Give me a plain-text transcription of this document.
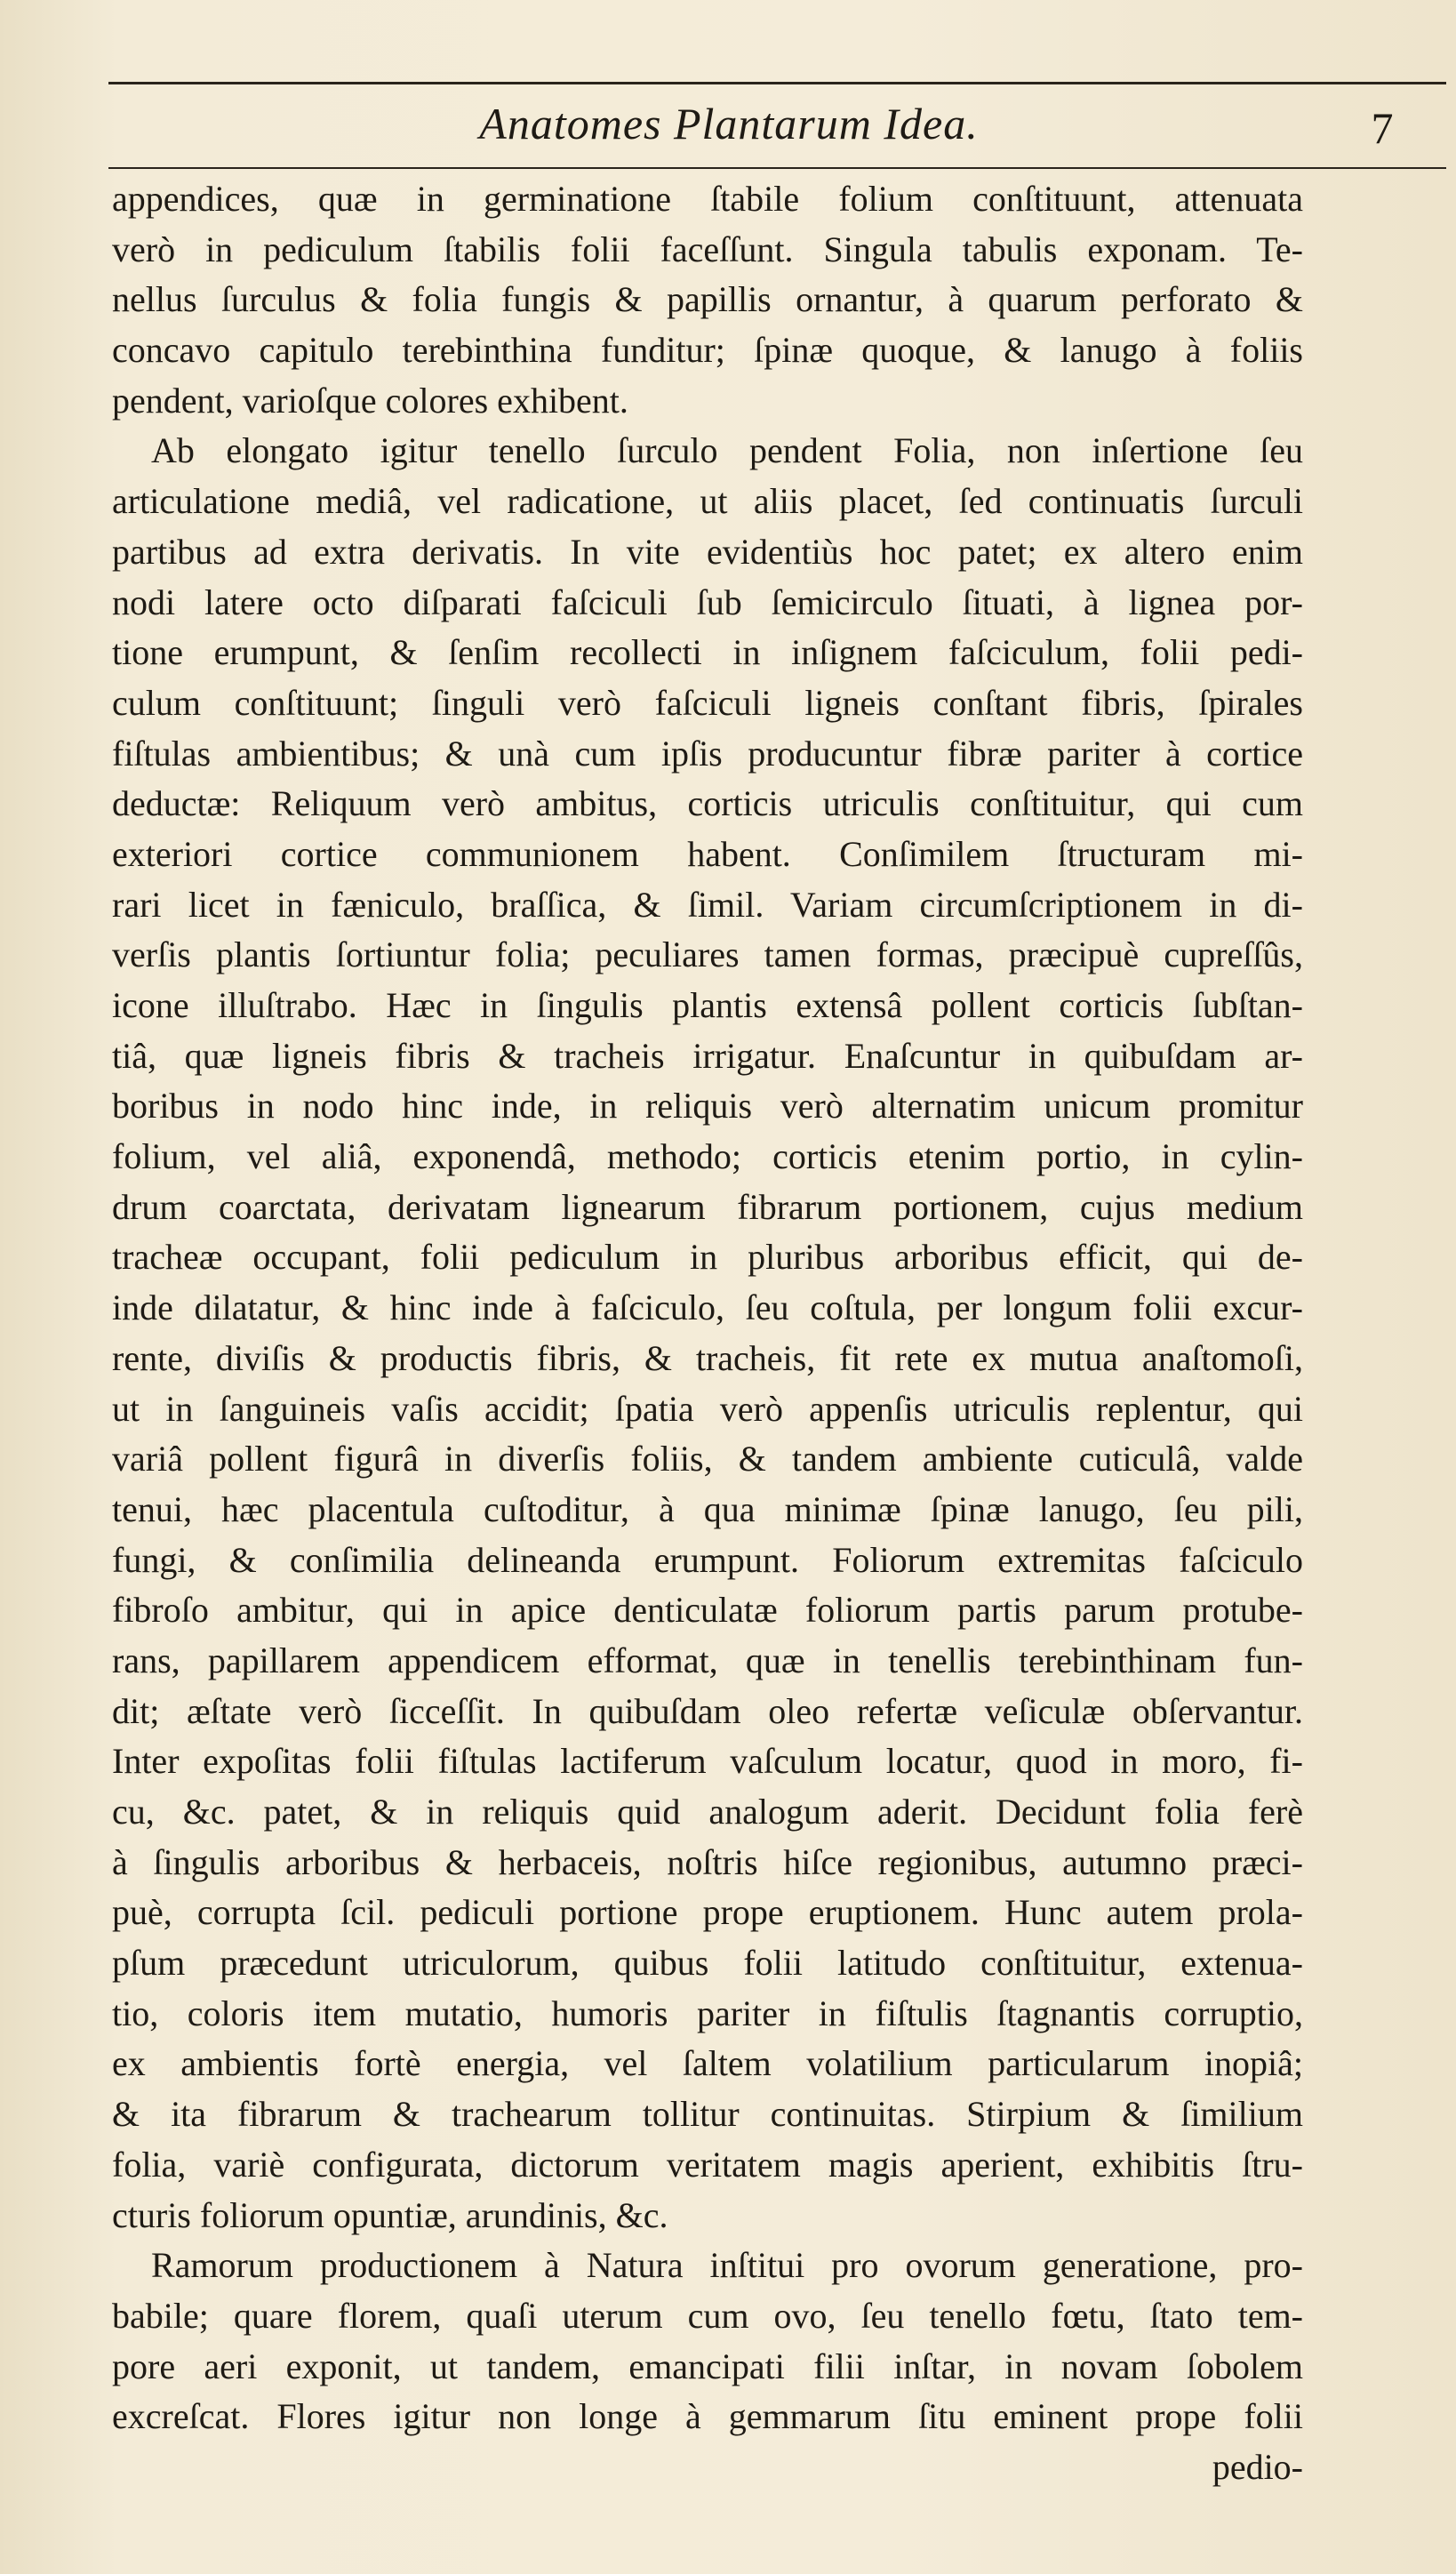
Anatomes Plantarum Idea.	7
appendices, quæ in germinatione ſtabile folium conſtituunt, attenuata
verò in pediculum ſtabilis folii faceſſunt. Singula tabulis exponam. Te-
nellus ſurculus & folia fungis & papillis ornantur, à quarum perforato &
concavo capitulo terebinthina funditur; ſpinæ quoque, & lanugo à foliis
pendent, varioſque colores exhibent.
Ab elongato igitur tenello ſurculo pendent Folia, non inſertione ſeu
articulatione mediâ, vel radicatione, ut aliis placet, ſed continuatis ſurculi
partibus ad extra derivatis. In vite evidentiùs hoc patet; ex altero enim
nodi latere octo diſparati faſciculi ſub ſemicirculo ſituati, à lignea por-
tione erumpunt, & ſenſim recollecti in inſignem faſciculum, folii pedi-
culum conſtituunt; ſinguli verò faſciculi ligneis conſtant fibris, ſpirales
fiſtulas ambientibus; & unà cum ipſis producuntur fibræ pariter à cortice
deductæ: Reliquum verò ambitus, corticis utriculis conſtituitur, qui cum
exteriori cortice communionem habent. Conſimilem ſtructuram mi-
rari licet in fæniculo, braſſica, & ſimil. Variam circumſcriptionem in di-
verſis plantis ſortiuntur folia; peculiares tamen formas, præcipuè cupreſſûs,
icone illuſtrabo. Hæc in ſingulis plantis extensâ pollent corticis ſubſtan-
tiâ, quæ ligneis fibris & tracheis irrigatur. Enaſcuntur in quibuſdam ar-
boribus in nodo hinc inde, in reliquis verò alternatim unicum promitur
folium, vel aliâ, exponendâ, methodo; corticis etenim portio, in cylin-
drum coarctata, derivatam lignearum fibrarum portionem, cujus medium
tracheæ occupant, folii pediculum in pluribus arboribus efficit, qui de-
inde dilatatur, & hinc inde à faſciculo, ſeu coſtula, per longum folii excur-
rente, diviſis & productis fibris, & tracheis, fit rete ex mutua anaſtomoſi,
ut in ſanguineis vaſis accidit; ſpatia verò appenſis utriculis replentur, qui
variâ pollent figurâ in diverſis foliis, & tandem ambiente cuticulâ, valde
tenui, hæc placentula cuſtoditur, à qua minimæ ſpinæ lanugo, ſeu pili,
fungi, & conſimilia delineanda erumpunt. Foliorum extremitas faſciculo
fibroſo ambitur, qui in apice denticulatæ foliorum partis parum protube-
rans, papillarem appendicem efformat, quæ in tenellis terebinthinam fun-
dit; æſtate verò ſicceſſit. In quibuſdam oleo refertæ veſiculæ obſervantur.
Inter expoſitas folii fiſtulas lactiferum vaſculum locatur, quod in moro, fi-
cu, &c. patet, & in reliquis quid analogum aderit. Decidunt folia ferè
à ſingulis arboribus & herbaceis, noſtris hiſce regionibus, autumno præci-
puè, corrupta ſcil. pediculi portione prope eruptionem. Hunc autem prola-
pſum præcedunt utriculorum, quibus folii latitudo conſtituitur, extenua-
tio, coloris item mutatio, humoris pariter in fiſtulis ſtagnantis corruptio,
ex ambientis fortè energia, vel ſaltem volatilium particularum inopiâ;
& ita fibrarum & trachearum tollitur continuitas. Stirpium & ſimilium
folia, variè configurata, dictorum veritatem magis aperient, exhibitis ſtru-
cturis foliorum opuntiæ, arundinis, &c.
Ramorum productionem à Natura inſtitui pro ovorum generatione, pro-
babile; quare florem, quaſi uterum cum ovo, ſeu tenello fœtu, ſtato tem-
pore aeri exponit, ut tandem, emancipati filii inſtar, in novam ſobolem
excreſcat. Flores igitur non longe à gemmarum ſitu eminent prope folii
pedio-
